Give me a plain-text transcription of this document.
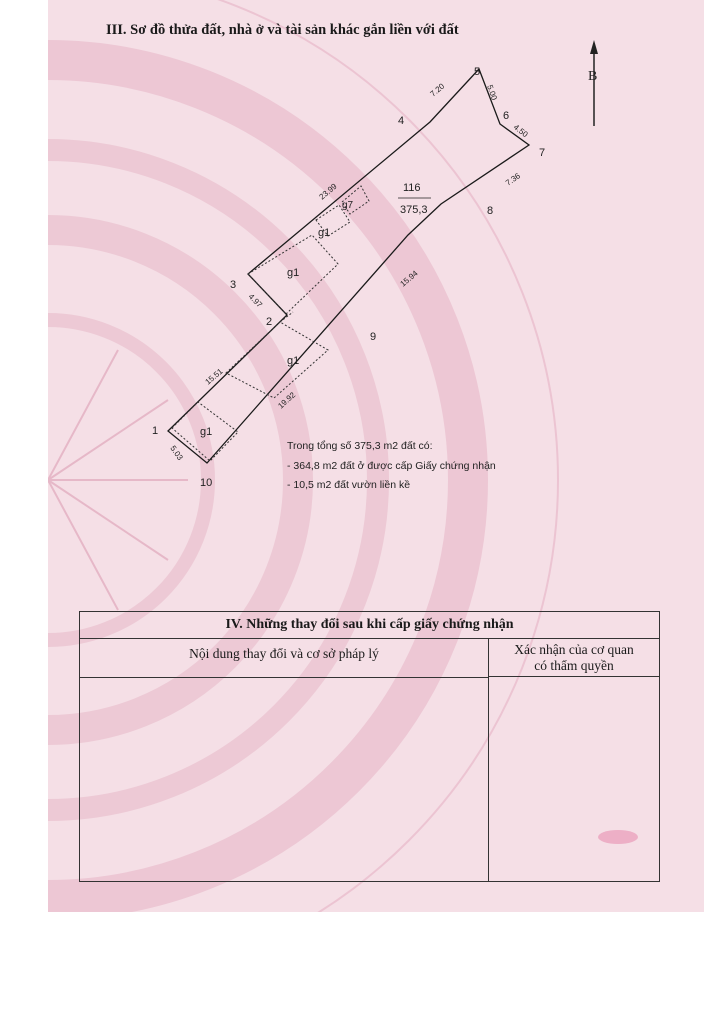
B
1
2
3
4
5
6
7
8
9
10
7.20	5.00
4.50
7.36
15.94
19.92
5.03
15.51
4.97
23.99	116
375,3
g1
g1
g1
g1
g7
III. Sơ đồ thửa đất, nhà ở và tài sản khác gắn liền với đất
Trong tổng số 375,3 m2 đất có:
- 364,8 m2 đất ở được cấp Giấy chứng nhận
- 10,5 m2 đất vườn liền kề
IV. Những thay đổi sau khi cấp giấy chứng nhận
Nội dung thay đổi và cơ sở pháp lý	Xác nhận của cơ quan
có thẩm quyền
